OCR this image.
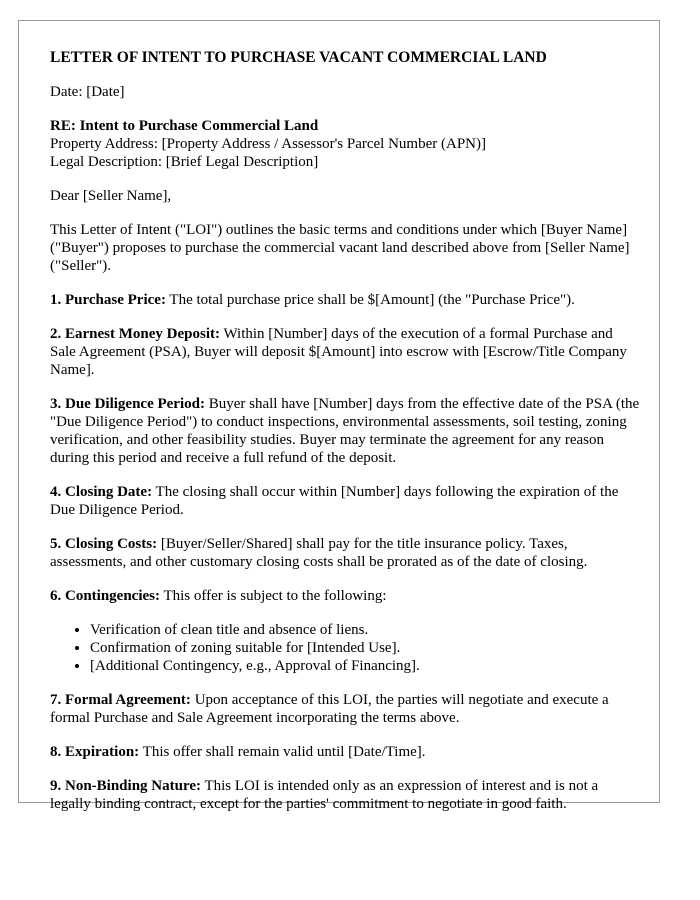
LETTER OF INTENT TO PURCHASE VACANT COMMERCIAL LAND

Date: [Date]

RE: Intent to Purchase Commercial Land
Property Address: [Property Address / Assessor's Parcel Number (APN)]
Legal Description: [Brief Legal Description]

Dear [Seller Name],

This Letter of Intent ("LOI") outlines the basic terms and conditions under which [Buyer Name] ("Buyer") proposes to purchase the commercial vacant land described above from [Seller Name] ("Seller").

1. Purchase Price: The total purchase price shall be $[Amount] (the "Purchase Price").

2. Earnest Money Deposit: Within [Number] days of the execution of a formal Purchase and Sale Agreement (PSA), Buyer will deposit $[Amount] into escrow with [Escrow/Title Company Name].

3. Due Diligence Period: Buyer shall have [Number] days from the effective date of the PSA (the "Due Diligence Period") to conduct inspections, environmental assessments, soil testing, zoning verification, and other feasibility studies. Buyer may terminate the agreement for any reason during this period and receive a full refund of the deposit.

4. Closing Date: The closing shall occur within [Number] days following the expiration of the Due Diligence Period.

5. Closing Costs: [Buyer/Seller/Shared] shall pay for the title insurance policy. Taxes, assessments, and other customary closing costs shall be prorated as of the date of closing.

6. Contingencies: This offer is subject to the following:

• Verification of clean title and absence of liens.
• Confirmation of zoning suitable for [Intended Use].
• [Additional Contingency, e.g., Approval of Financing].

7. Formal Agreement: Upon acceptance of this LOI, the parties will negotiate and execute a formal Purchase and Sale Agreement incorporating the terms above.

8. Expiration: This offer shall remain valid until [Date/Time].

9. Non-Binding Nature: This LOI is intended only as an expression of interest and is not a legally binding contract, except for the parties' commitment to negotiate in good faith.
